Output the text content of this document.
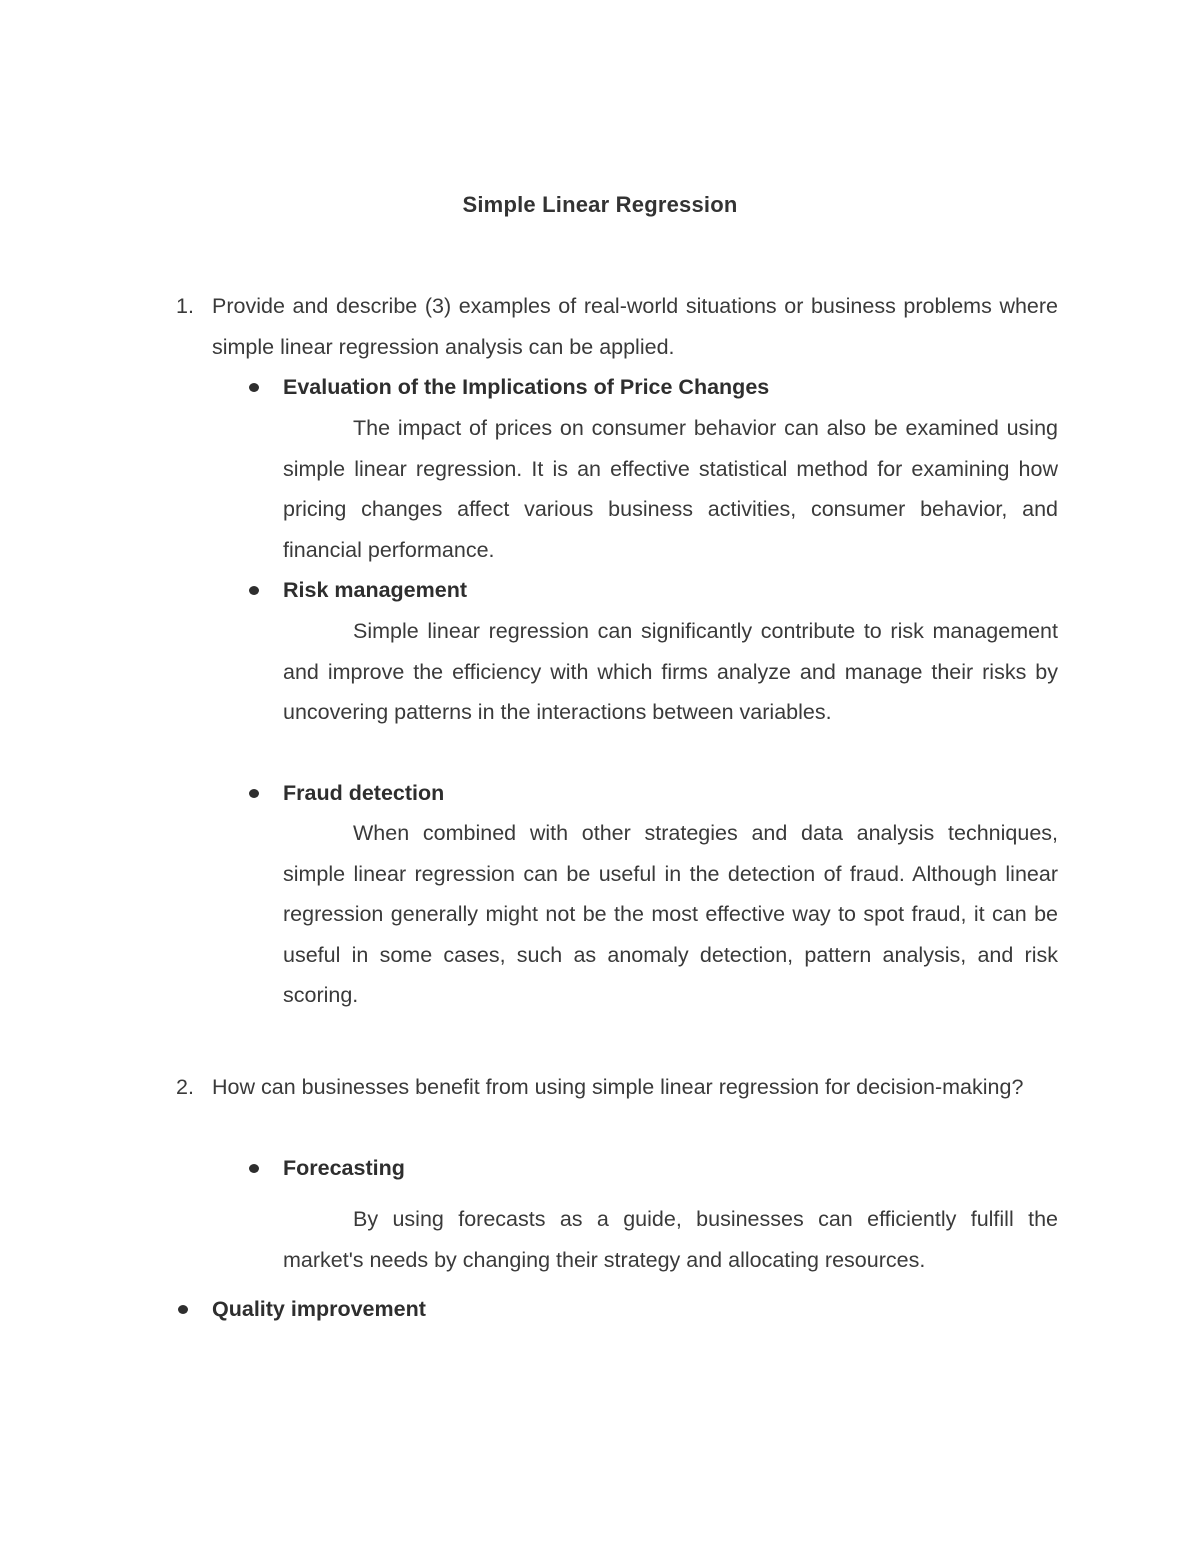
Simple Linear Regression
1. Provide and describe (3) examples of real-world situations or business problems where simple linear regression analysis can be applied.
Evaluation of the Implications of Price Changes
The impact of prices on consumer behavior can also be examined using simple linear regression. It is an effective statistical method for examining how pricing changes affect various business activities, consumer behavior, and financial performance.
Risk management
Simple linear regression can significantly contribute to risk management and improve the efficiency with which firms analyze and manage their risks by uncovering patterns in the interactions between variables.
Fraud detection
When combined with other strategies and data analysis techniques, simple linear regression can be useful in the detection of fraud. Although linear regression generally might not be the most effective way to spot fraud, it can be useful in some cases, such as anomaly detection, pattern analysis, and risk scoring.
2. How can businesses benefit from using simple linear regression for decision-making?
Forecasting
By using forecasts as a guide, businesses can efficiently fulfill the market's needs by changing their strategy and allocating resources.
Quality improvement
